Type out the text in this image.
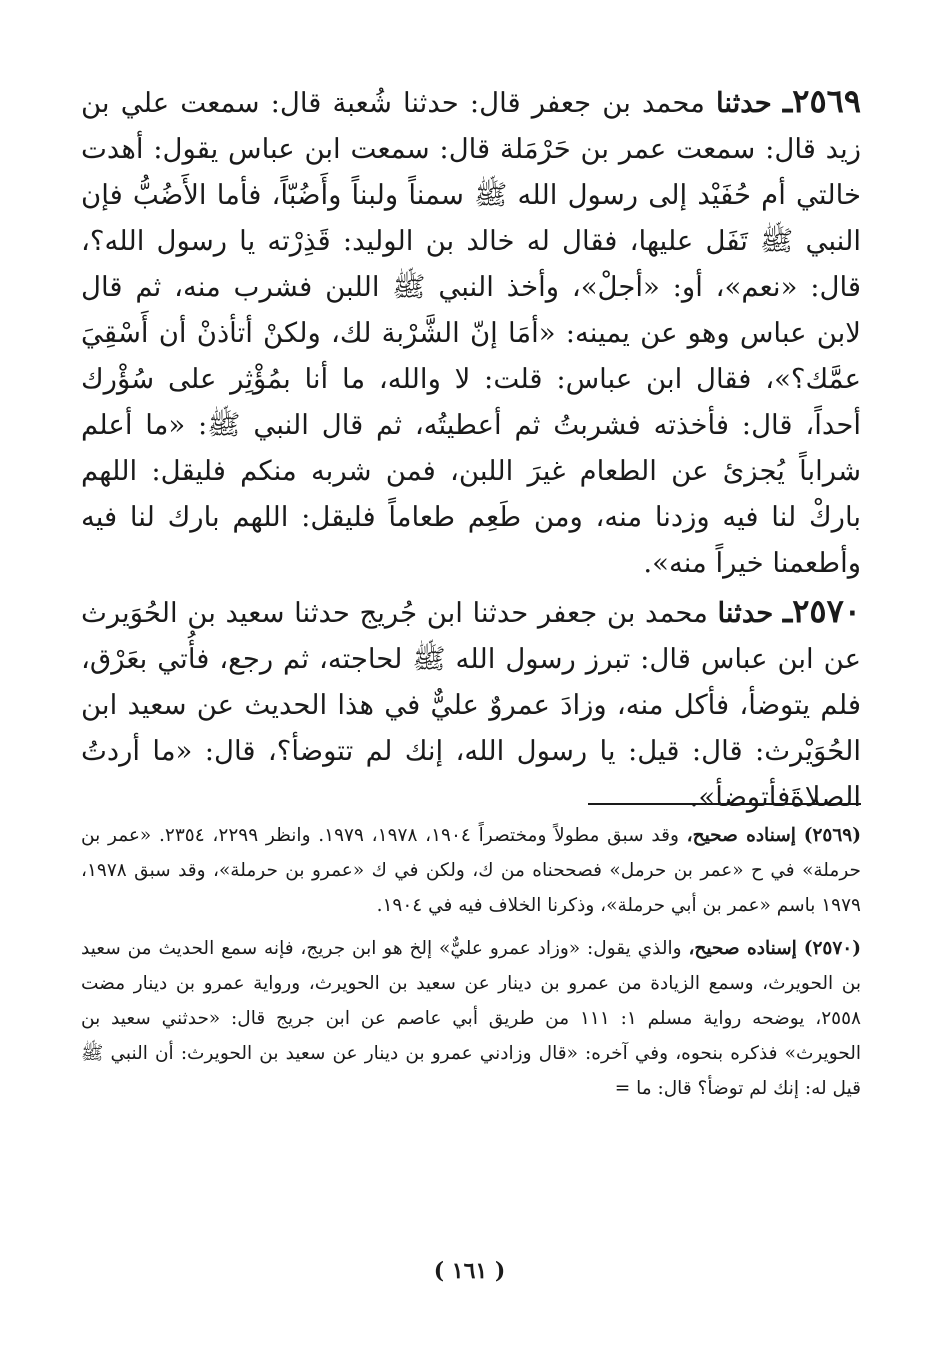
٢٥٦٩ـ حدثنا محمد بن جعفر قال: حدثنا شُعبة قال: سمعت علي بن زيد قال: سمعت عمر بن حَرْمَلة قال: سمعت ابن عباس يقول: أهدت خالتي أم حُفَيْد إلى رسول الله ﷺ سمناً ولبناً وأَضُبّاً، فأما الأَضُبُّ فإن النبي ﷺ تَفَل عليها، فقال له خالد بن الوليد: قَذِرْته يا رسول الله؟، قال: «نعم»، أو: «أجلْ»، وأخذ النبي ﷺ اللبن فشرب منه، ثم قال لابن عباس وهو عن يمينه: «أمَا إنّ الشَّرْبة لك، ولكنْ أتأذنْ أن أَسْقِيَ عمَّك؟»، فقال ابن عباس: قلت: لا والله، ما أنا بمُؤْثِر على سُؤْرك أحداً، قال: فأخذته فشربتُ ثم أعطيتُه، ثم قال النبي ﷺ: «ما أعلم شراباً يُجزئ عن الطعام غيرَ اللبن، فمن شربه منكم فليقل: اللهم باركْ لنا فيه وزدنا منه، ومن طَعِم طعاماً فليقل: اللهم بارك لنا فيه وأطعمنا خيراً منه».

٢٥٧٠ـ حدثنا محمد بن جعفر حدثنا ابن جُريج حدثنا سعيد بن الحُوَيرث عن ابن عباس قال: تبرز رسول الله ﷺ لحاجته، ثم رجع، فأُتي بعَرْق، فلم يتوضأ، فأكل منه، وزادَ عمروٌ عليٌّ في هذا الحديث عن سعيد ابن الحُوَيْرث: قال: قيل: يا رسول الله، إنك لم تتوضأ؟، قال: «ما أردتُ الصلاةَفأتوضأ».

(٢٥٦٩) إسناده صحيح، وقد سبق مطولاً ومختصراً ١٩٠٤، ١٩٧٨، ١٩٧٩. وانظر ٢٢٩٩، ٢٣٥٤. «عمر بن حرملة» في ح «عمر بن حرمل» فصححناه من ك، ولكن في ك «عمرو بن حرملة»، وقد سبق ١٩٧٨، ١٩٧٩ باسم «عمر بن أبي حرملة»، وذكرنا الخلاف فيه في ١٩٠٤.

(٢٥٧٠) إسناده صحيح، والذي يقول: «وزاد عمرو عليٌّ» إلخ هو ابن جريج، فإنه سمع الحديث من سعيد بن الحويرث، وسمع الزيادة من عمرو بن دينار عن سعيد بن الحويرث، ورواية عمرو بن دينار مضت ٢٥٥٨، يوضحه رواية مسلم ١: ١١١ من طريق أبي عاصم عن ابن جريج قال: «حدثني سعيد بن الحويرث» فذكره بنحوه، وفي آخره: «قال وزادني عمرو بن دينار عن سعيد بن الحويرث: أن النبي ﷺ قيل له: إنك لم توضأ؟ قال: ما =

( ١٦١ )
